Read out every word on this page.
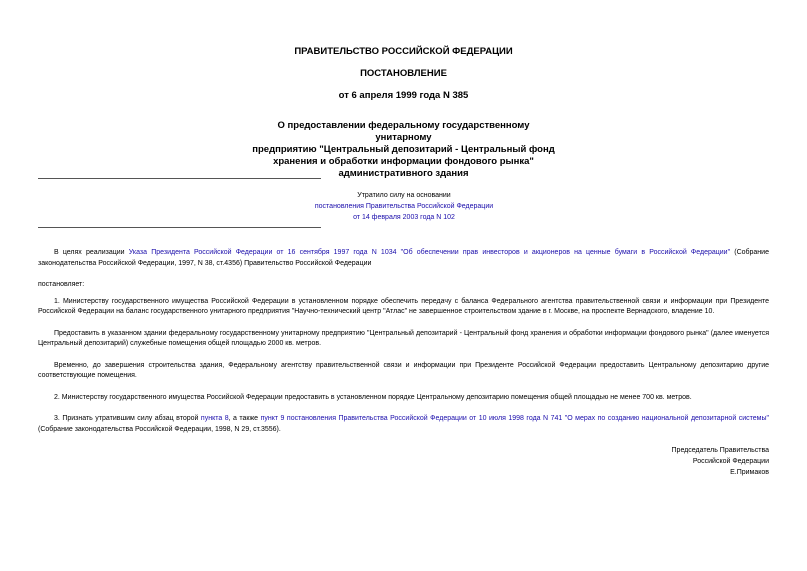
ПРАВИТЕЛЬСТВО РОССИЙСКОЙ ФЕДЕРАЦИИ
ПОСТАНОВЛЕНИЕ
от 6 апреля 1999 года N 385
О предоставлении федеральному государственному унитарному
предприятию "Центральный депозитарий - Центральный фонд
хранения и обработки информации фондового рынка"
административного здания
Утратило силу на основании
постановления Правительства Российской Федерации
от 14 февраля 2003 года N 102

В целях реализации Указа Президента Российской Федерации от 16 сентября 1997 года N 1034 "Об обеспечении прав инвесторов и акционеров на ценные бумаги в Российской Федерации" (Собрание законодательства Российской Федерации, 1997, N 38, ст.4356) Правительство Российской Федерации

постановляет:

1. Министерству государственного имущества Российской Федерации в установленном порядке обеспечить передачу с баланса Федерального агентства правительственной связи и информации при Президенте Российской Федерации на баланс государственного унитарного предприятия "Научно-технический центр "Атлас" не завершенное строительством здание в г. Москве, на проспекте Вернадского, владение 10.

Предоставить в указанном здании федеральному государственному унитарному предприятию "Центральный депозитарий - Центральный фонд хранения и обработки информации фондового рынка" (далее именуется Центральный депозитарий) служебные помещения общей площадью 2000 кв. метров.

Временно, до завершения строительства здания, Федеральному агентству правительственной связи и информации при Президенте Российской Федерации предоставить Центральному депозитарию другие соответствующие помещения.

2. Министерству государственного имущества Российской Федерации предоставить в установленном порядке Центральному депозитарию помещения общей площадью не менее 700 кв. метров.

3. Признать утратившим силу абзац второй пункта 8, а также пункт 9 постановления Правительства Российской Федерации от 10 июля 1998 года N 741 "О мерах по созданию национальной депозитарной системы" (Собрание законодательства Российской Федерации, 1998, N 29, ст.3556).

Председатель Правительства
Российской Федерации
Е.Примаков
